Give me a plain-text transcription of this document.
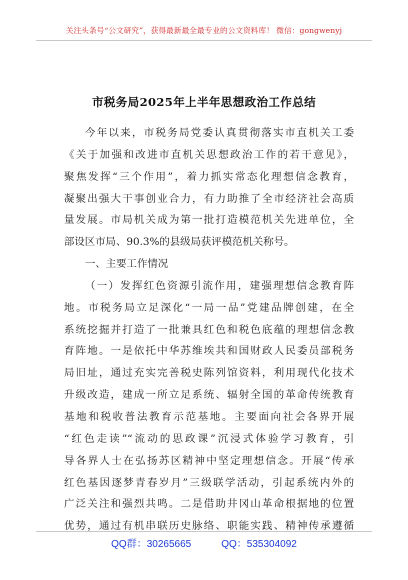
关注头条号“公文研究”，获得最新最全最专业的公文资料库！ 微信：gongwenyj
市税务局2025年上半年思想政治工作总结
今年以来，市税务局党委认真贯彻落实市直机关工委
《关于加强和改进市直机关思想政治工作的若干意见》，
聚焦发挥“三个作用”，着力抓实常态化理想信念教育，
凝聚出强大干事创业合力，有力助推了全市经济社会高质
量发展。市局机关成为第一批打造模范机关先进单位，全
部设区市局、90.3%的县级局获评模范机关称号。
一、主要工作情况
（一）发挥红色资源引流作用，建强理想信念教育阵
地。市税务局立足深化“一局一品”党建品牌创建，在全
系统挖掘并打造了一批兼具红色和税色底蕴的理想信念教
育阵地。一是依托中华苏维埃共和国财政人民委员部税务
局旧址，通过充实完善税史陈列馆资料，利用现代化技术
升级改造，建成一所立足系统、辐射全国的革命传统教育
基地和税收普法教育示范基地。主要面向社会各界开展
“红色走读”“流动的思政课”沉浸式体验学习教育，引
导各界人士在弘扬苏区精神中坚定理想信念。开展“传承
红色基因逐梦青春岁月”三级联学活动，引起系统内外的
广泛关注和强烈共鸣。二是借助井冈山革命根据地的位置
优势，通过有机串联历史脉络、职能实践、精神传承遵循
QQ群：30265665	QQ：535304092
